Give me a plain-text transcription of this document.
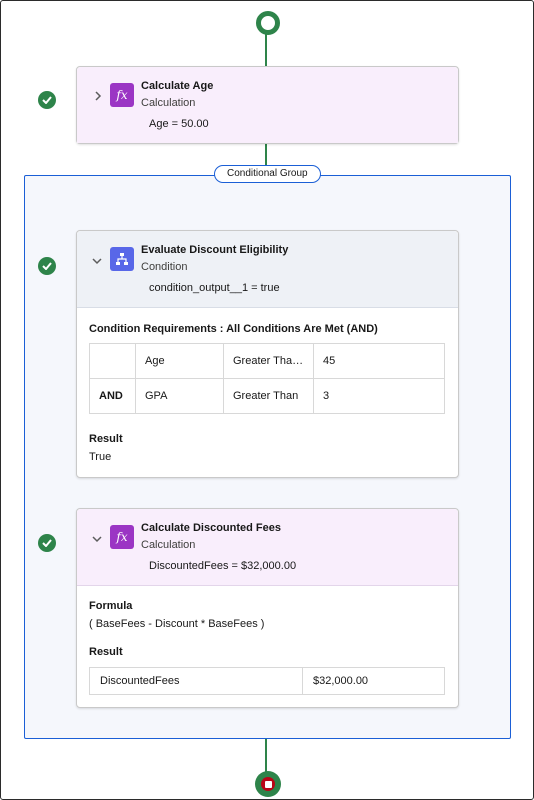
fx
Calculate Age
Calculation
Age = 50.00
Conditional Group
Evaluate Discount Eligibility
Condition
condition_output__1 = true
Condition Requirements : All Conditions Are Met (AND)
	Age	Greater Tha…	45
AND	GPA	Greater Than	3
Result
True
fx
Calculate Discounted Fees
Calculation
DiscountedFees = $32,000.00
Formula
( BaseFees - Discount * BaseFees )
Result
DiscountedFees	$32,000.00
